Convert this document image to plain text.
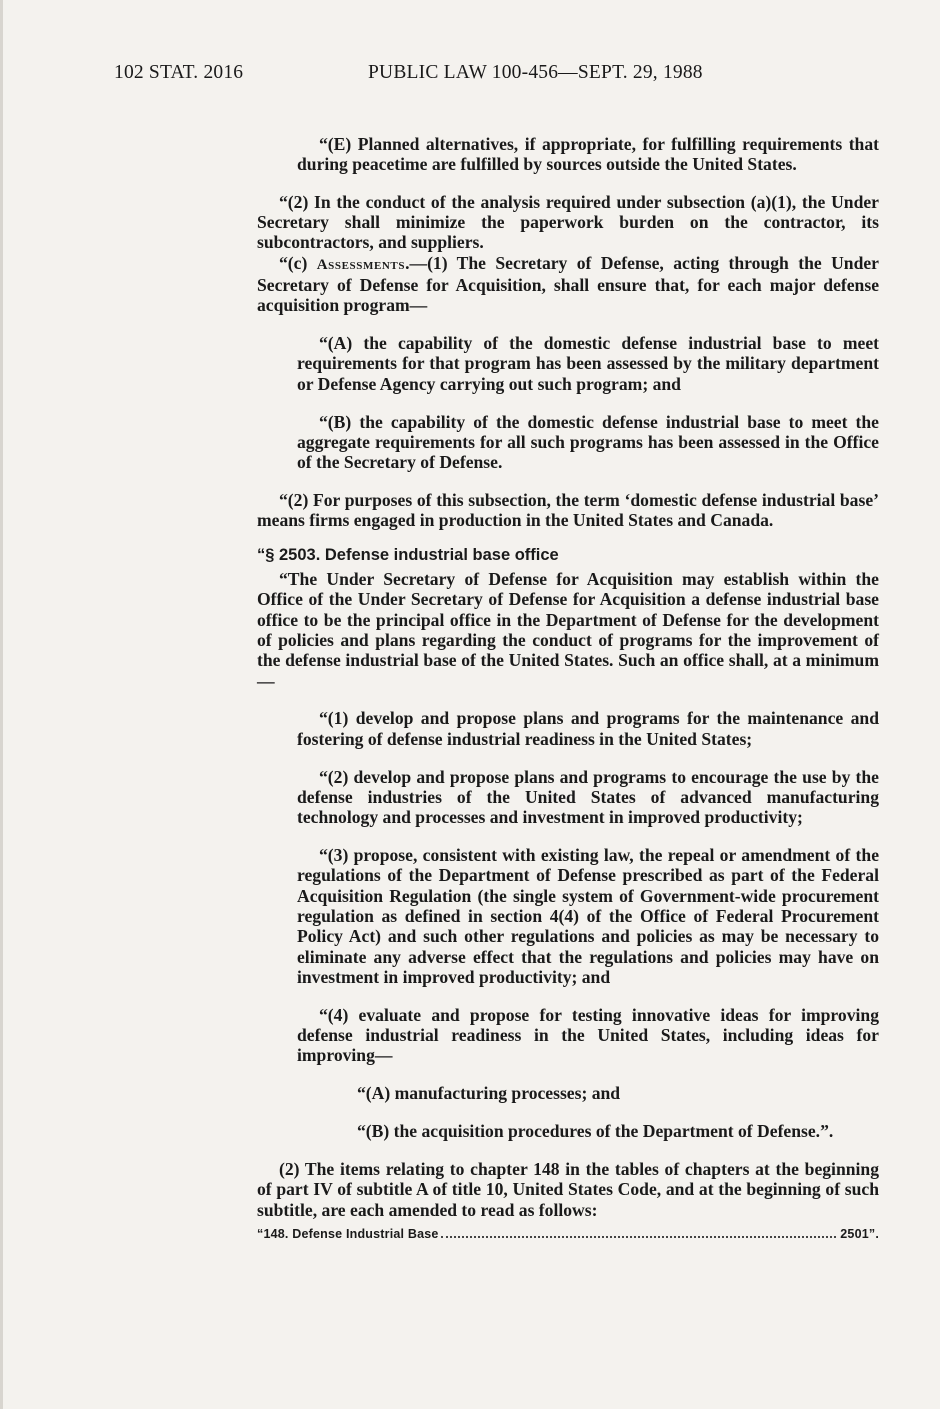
102 STAT. 2016	PUBLIC LAW 100-456—SEPT. 29, 1988

“(E) Planned alternatives, if appropriate, for fulfilling requirements that during peacetime are fulfilled by sources outside the United States.

“(2) In the conduct of the analysis required under subsection (a)(1), the Under Secretary shall minimize the paperwork burden on the contractor, its subcontractors, and suppliers.

“(c) Assessments.—(1) The Secretary of Defense, acting through the Under Secretary of Defense for Acquisition, shall ensure that, for each major defense acquisition program—

“(A) the capability of the domestic defense industrial base to meet requirements for that program has been assessed by the military department or Defense Agency carrying out such program; and

“(B) the capability of the domestic defense industrial base to meet the aggregate requirements for all such programs has been assessed in the Office of the Secretary of Defense.

“(2) For purposes of this subsection, the term ‘domestic defense industrial base’ means firms engaged in production in the United States and Canada.

“§ 2503. Defense industrial base office

“The Under Secretary of Defense for Acquisition may establish within the Office of the Under Secretary of Defense for Acquisition a defense industrial base office to be the principal office in the Department of Defense for the development of policies and plans regarding the conduct of programs for the improvement of the defense industrial base of the United States. Such an office shall, at a minimum—

“(1) develop and propose plans and programs for the maintenance and fostering of defense industrial readiness in the United States;

“(2) develop and propose plans and programs to encourage the use by the defense industries of the United States of advanced manufacturing technology and processes and investment in improved productivity;

“(3) propose, consistent with existing law, the repeal or amendment of the regulations of the Department of Defense prescribed as part of the Federal Acquisition Regulation (the single system of Government-wide procurement regulation as defined in section 4(4) of the Office of Federal Procurement Policy Act) and such other regulations and policies as may be necessary to eliminate any adverse effect that the regulations and policies may have on investment in improved productivity; and

“(4) evaluate and propose for testing innovative ideas for improving defense industrial readiness in the United States, including ideas for improving—

“(A) manufacturing processes; and

“(B) the acquisition procedures of the Department of Defense.”.

(2) The items relating to chapter 148 in the tables of chapters at the beginning of part IV of subtitle A of title 10, United States Code, and at the beginning of such subtitle, are each amended to read as follows:

“148. Defense Industrial Base	2501”.
